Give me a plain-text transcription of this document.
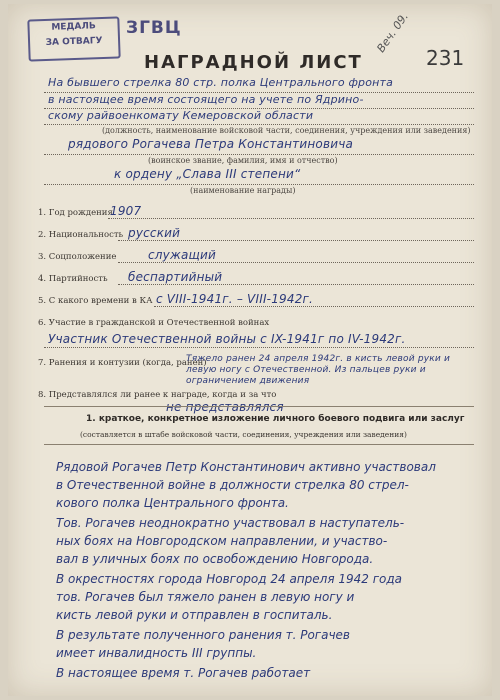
МЕДАЛЬ
ЗА ОТВАГУ
ЗГВЦ	Веч. 09.
231
НАГРАДНОЙ ЛИСТ
На бывшего стрелка 80 стр. полка Центрального фронта
в настоящее время состоящего на учете по Ядрино-
скому райвоенкомату Кемеровской области
(должность, наименование войсковой части, соединения, учреждения или заведения)
рядового Рогачева Петра Константиновича
(воинское звание, фамилия, имя и отчество)
к ордену „Слава III степени“
(наименование награды)
1. Год рождения
1907
2. Национальность русский
3. Соцположение	служащий
4. Партийность беспартийный
5. С какого времени в КА с VIII-1941г. – VIII-1942г.
6. Участие в гражданской и Отечественной войнах
Участник Отечественной войны с IX-1941г по IV-1942г.
7. Ранения и контузии (когда, ранен)
Тяжело ранен 24 апреля 1942г. в кисть левой руки и левую ногу с Отечественной. Из пальцев руки и ограничением движения
8. Представлялся ли ранее к награде, когда и за что
не представлялся
1. краткое, конкретное изложение личного боевого подвига или заслуг
(составляется в штабе войсковой части, соединения, учреждения или заведения)
Рядовой Рогачев Петр Константинович активно участвовал
в Отечественной войне в должности стрелка 80 стрел-
кового полка Центрального фронта.
Тов. Рогачев неоднократно участвовал в наступатель-
ных боях на Новгородском направлении, и участво-
вал в уличных боях по освобождению Новгорода.
В окрестностях города Новгород 24 апреля 1942 года
тов. Рогачев был тяжело ранен в левую ногу и
кисть левой руки и отправлен в госпиталь.
В результате полученного ранения т. Рогачев
имеет инвалидность III группы.
В настоящее время т. Рогачев работает
